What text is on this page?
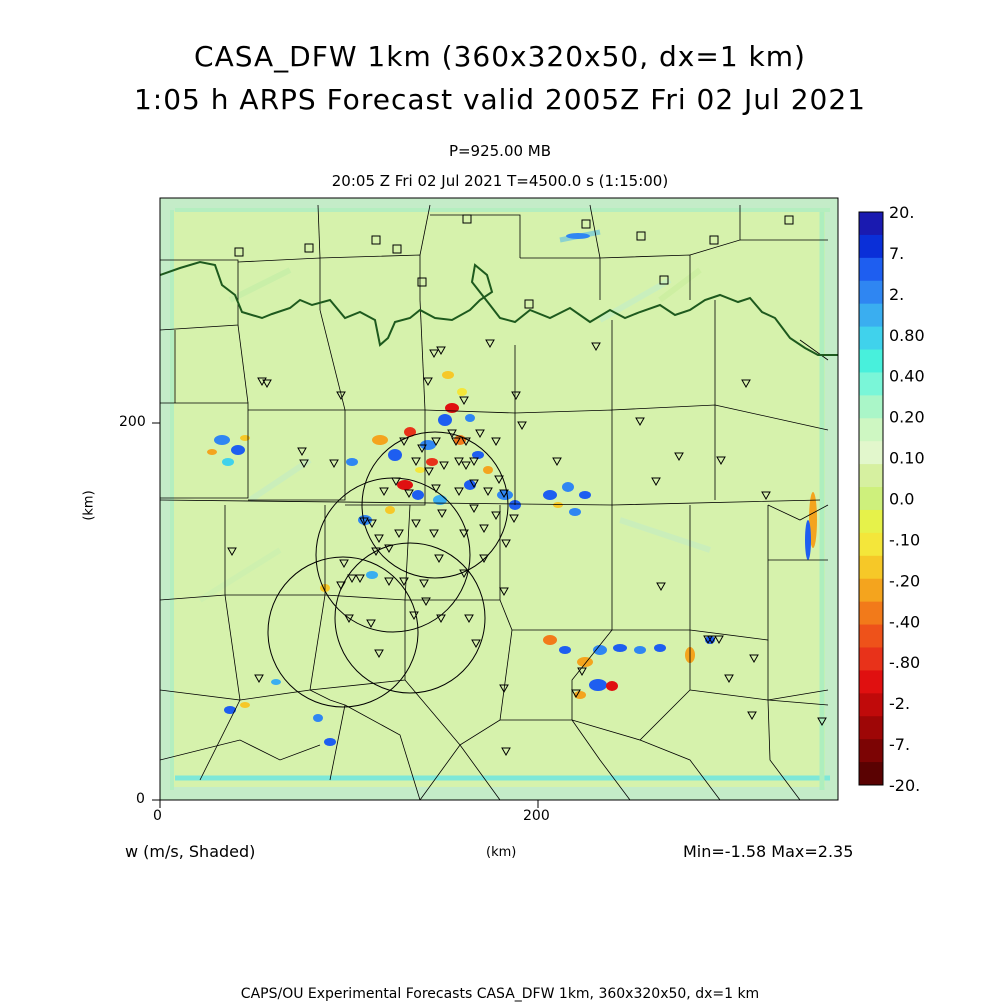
CASA_DFW 1km (360x320x50, dx=1 km)
1:05 h ARPS Forecast valid 2005Z Fri 02 Jul 2021
P=925.00 MB
20:05 Z Fri 02 Jul 2021 T=4500.0 s (1:15:00)
20.
7.
2.
0.80
0.40
0.20
0.10
0.0
-.10
-.20
-.40
-.80
-2.
-7.
-20.
200
0
0	200
(km)
(km)
w (m/s, Shaded)	Min=-1.58 Max=2.35
CAPS/OU Experimental Forecasts CASA_DFW 1km, 360x320x50, dx=1 km
